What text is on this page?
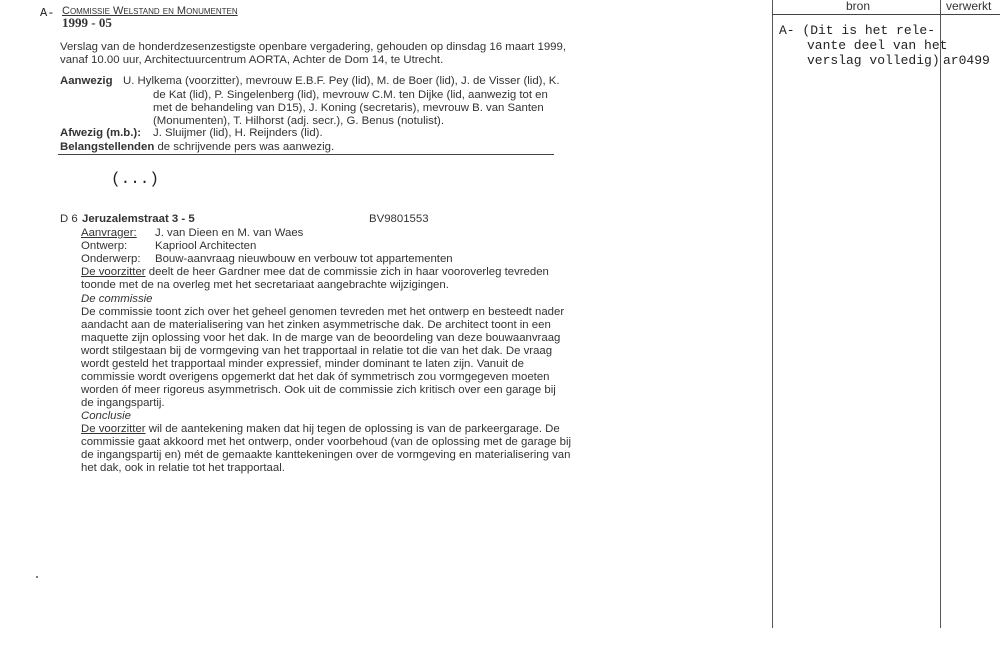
A- Commissie Welstand en Monumenten
1999 - 05
Verslag van de honderdzesenzestigste openbare vergadering, gehouden op dinsdag 16 maart 1999,
vanaf 10.00 uur, Architectuurcentrum AORTA, Achter de Dom 14, te Utrecht.
Aanwezig U. Hylkema (voorzitter), mevrouw E.B.F. Pey (lid), M. de Boer (lid), J. de Visser (lid), K.
de Kat (lid), P. Singelenberg (lid), mevrouw C.M. ten Dijke (lid, aanwezig tot en
met de behandeling van D15), J. Koning (secretaris), mevrouw B. van Santen
(Monumenten), T. Hilhorst (adj. secr.), G. Benus (notulist).
Afwezig (m.b.): J. Sluijmer (lid), H. Reijnders (lid).
Belangstellenden de schrijvende pers was aanwezig.
(...)
D 6 Jeruzalemstraat 3 - 5	BV9801553
Aanvrager: J. van Dieen en M. van Waes
Ontwerp: Kapriool Architecten
Onderwerp: Bouw-aanvraag nieuwbouw en verbouw tot appartementen
De voorzitter deelt de heer Gardner mee dat de commissie zich in haar vooroverleg tevreden
toonde met de na overleg met het secretariaat aangebrachte wijzigingen.
De commissie
De commissie toont zich over het geheel genomen tevreden met het ontwerp en besteedt nader
aandacht aan de materialisering van het zinken asymmetrische dak. De architect toont in een
maquette zijn oplossing voor het dak. In de marge van de beoordeling van deze bouwaanvraag
wordt stilgestaan bij de vormgeving van het trapportaal in relatie tot die van het dak. De vraag
wordt gesteld het trapportaal minder expressief, minder dominant te laten zijn. Vanuit de
commissie wordt overigens opgemerkt dat het dak óf symmetrisch zou vormgegeven moeten
worden óf meer rigoreus asymmetrisch. Ook uit de commissie zich kritisch over een garage bij
de ingangspartij.
Conclusie
De voorzitter wil de aantekening maken dat hij tegen de oplossing is van de parkeergarage. De
commissie gaat akkoord met het ontwerp, onder voorbehoud (van de oplossing met de garage bij
de ingangspartij en) mét de gemaakte kanttekeningen over de vormgeving en materialisering van
het dak, ook in relatie tot het trapportaal.
bron	verwerkt
A- (Dit is het rele-
vante deel van het
verslag volledig) ar0499
